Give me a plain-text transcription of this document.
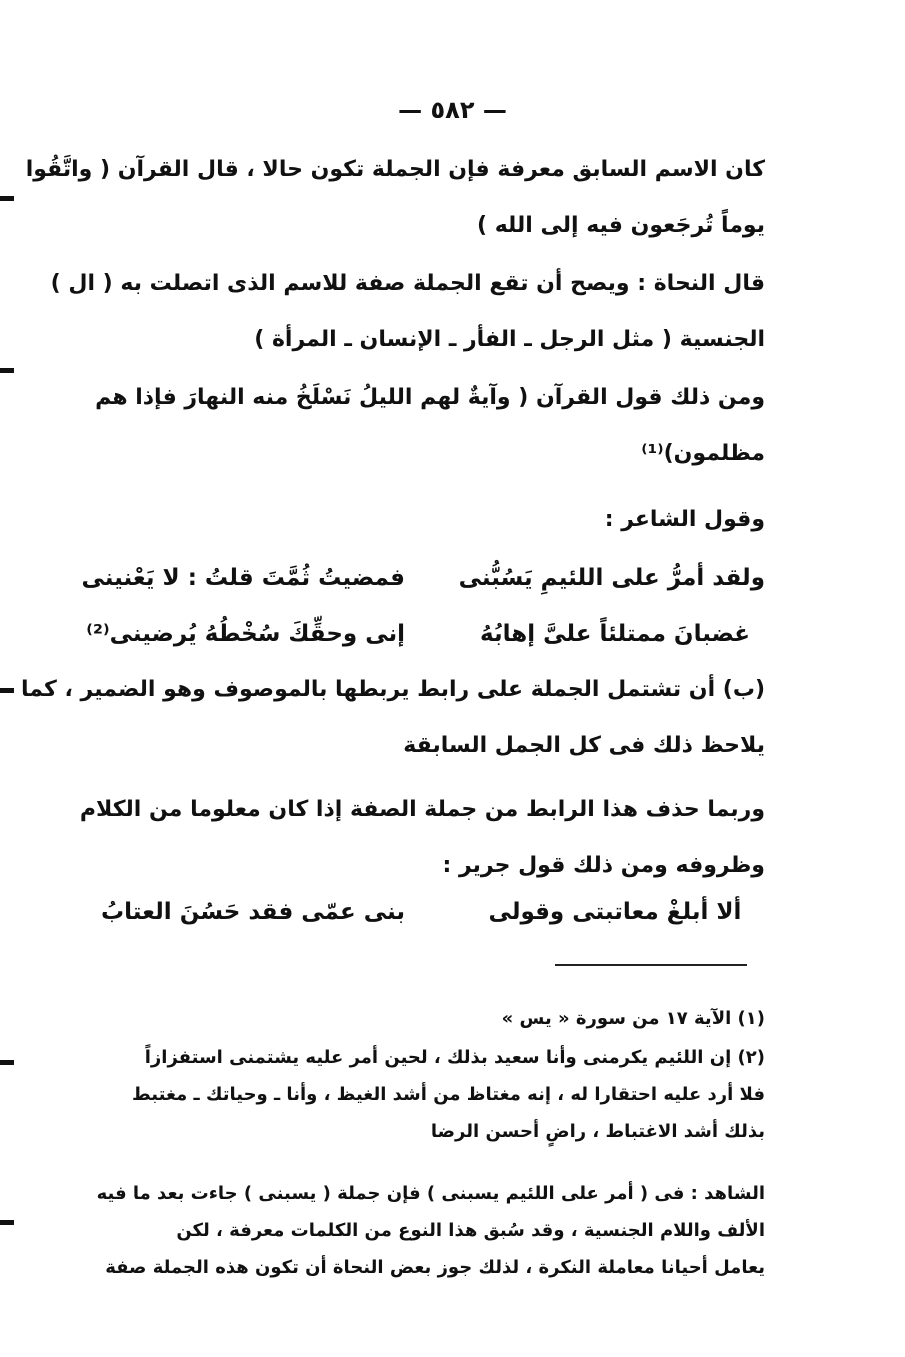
— ٥٨٢ —
كان الاسم السابق معرفة فإن الجملة تكون حالا ، قال القرآن ( واتَّقُوا
يوماً تُرجَعون فيه إلى الله )
قال النحاة : ويصح أن تقع الجملة صفة للاسم الذى اتصلت به ( ال )
الجنسية ( مثل الرجل ـ الفأر ـ الإنسان ـ المرأة )
ومن ذلك قول القرآن ( وآيةٌ لهم الليلُ نَسْلَخُ منه النهارَ فإذا هم
مظلمون)⁽¹⁾
وقول الشاعر :
ولقد أمرُّ على اللئيمِ يَسُبُّنىفمضيتُ ثُمَّتَ قلتُ : لا يَعْنينى
غضبانَ ممتلئاً علىَّ إهابُهُإنى وحقِّكَ سُخْطُهُ يُرضينى⁽²⁾
(ب) أن تشتمل الجملة على رابط يربطها بالموصوف وهو الضمير ، كما
يلاحظ ذلك فى كل الجمل السابقة
وربما حذف هذا الرابط من جملة الصفة إذا كان معلوما من الكلام
وظروفه ومن ذلك قول جرير :
ألا أبلغْ معاتبتى وقولىبنى عمّى فقد حَسُنَ العتابُ
(١) الآية ١٧ من سورة « يس »
(٢) إن اللئيم يكرمنى وأنا سعيد بذلك ، لحين أمر عليه يشتمنى استفزازاً
فلا أرد عليه احتقارا له ، إنه مغتاظ من أشد الغيظ ، وأنا ـ وحياتك ـ مغتبط
بذلك أشد الاغتباط ، راضٍ أحسن الرضا
الشاهد : فى ( أمر على اللئيم يسبنى ) فإن جملة ( يسبنى ) جاءت بعد ما فيه
الألف واللام الجنسية ، وقد سُبق هذا النوع من الكلمات معرفة ، لكن
يعامل أحيانا معاملة النكرة ، لذلك جوز بعض النحاة أن تكون هذه الجملة صفة
